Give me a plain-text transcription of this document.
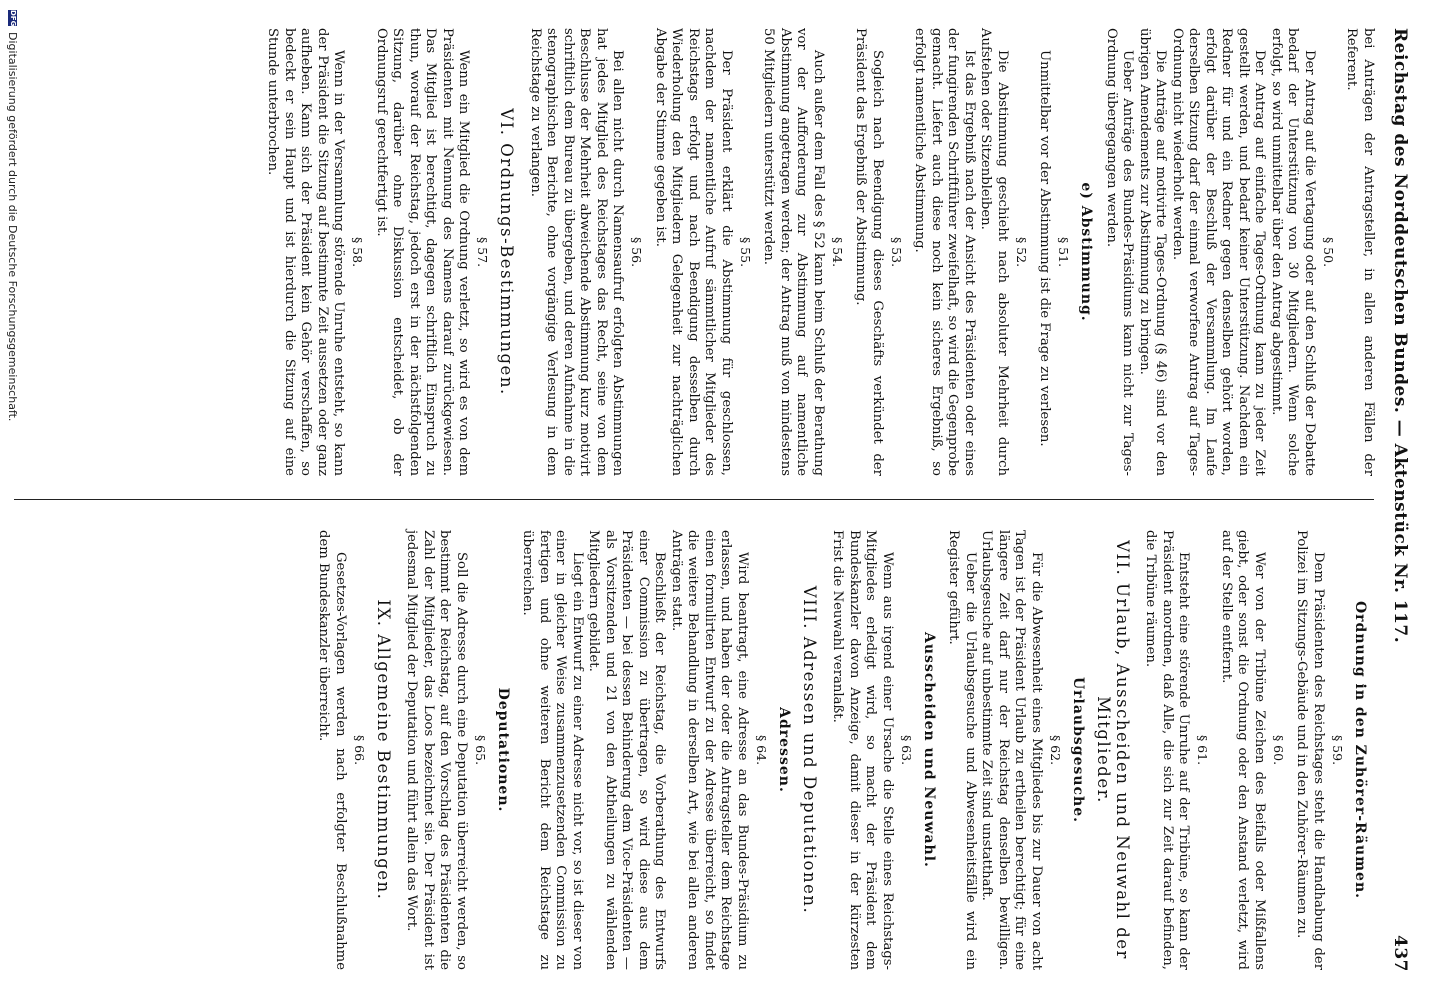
Reichstag des Norddeutschen Bundes. — Aktenstück Nr. 117.
437

bei Anträgen der Antragsteller, in allen anderen Fällen der Referent.

§ 50.

Der Antrag auf die Vertagung oder auf den Schluß der Debatte bedarf der Unterstützung von 30 Mitgliedern. Wenn solche erfolgt, so wird unmittelbar über den Antrag abgestimmt.

Der Antrag auf einfache Tages-Ordnung kann zu jeder Zeit gestellt werden, und bedarf keiner Unterstützung. Nachdem ein Redner für und ein Redner gegen denselben gehört worden, erfolgt darüber der Beschluß der Versammlung. Im Laufe derselben Sitzung darf der einmal verworfene Antrag auf Tages-Ordnung nicht wiederholt werden.

Die Anträge auf motivirte Tages-Ordnung (§ 46) sind vor den übrigen Amendements zur Abstimmung zu bringen.

Ueber Anträge des Bundes-Präsidiums kann nicht zur Tages-Ordnung übergegangen werden.

e) Abstimmung.
§ 51.

Unmittelbar vor der Abstimmung ist die Frage zu verlesen.

§ 52.

Die Abstimmung geschieht nach absoluter Mehrheit durch Aufstehen oder Sitzenbleiben.

Ist das Ergebniß nach der Ansicht des Präsidenten oder eines der fungirenden Schriftführer zweifelhaft, so wird die Gegenprobe gemacht. Liefert auch diese noch kein sicheres Ergebniß, so erfolgt namentliche Abstimmung.

§ 53.

Sogleich nach Beendigung dieses Geschäfts verkündet der Präsident das Ergebniß der Abstimmung.

§ 54.

Auch außer dem Fall des § 52 kann beim Schluß der Berathung vor der Aufforderung zur Abstimmung auf namentliche Abstimmung angetragen werden; der Antrag muß von mindestens 50 Mitgliedern unterstützt werden.

§ 55.

Der Präsident erklärt die Abstimmung für geschlossen, nachdem der namentliche Aufruf sämmtlicher Mitglieder des Reichstags erfolgt und nach Beendigung desselben durch Wiederholung den Mitgliedern Gelegenheit zur nachträglichen Abgabe der Stimme gegeben ist.

§ 56.

Bei allen nicht durch Namensaufruf erfolgten Abstimmungen hat jedes Mitglied des Reichstages das Recht, seine von dem Beschlusse der Mehrheit abweichende Abstimmung kurz motivirt schriftlich dem Bureau zu übergeben, und deren Aufnahme in die stenographischen Berichte, ohne vorgängige Verlesung in dem Reichstage zu verlangen.

VI. Ordnungs-Bestimmungen.
§ 57.

Wenn ein Mitglied die Ordnung verletzt, so wird es von dem Präsidenten mit Nennung des Namens darauf zurückgewiesen. Das Mitglied ist berechtigt, dagegen schriftlich Einspruch zu thun, worauf der Reichstag, jedoch erst in der nächstfolgenden Sitzung, darüber ohne Diskussion entscheidet, ob der Ordnungsruf gerechtfertigt ist.

§ 58.

Wenn in der Versammlung störende Unruhe entsteht, so kann der Präsident die Sitzung auf bestimmte Zeit aussetzen oder ganz aufheben. Kann sich der Präsident kein Gehör verschaffen, so bedeckt er sein Haupt und ist hierdurch die Sitzung auf eine Stunde unterbrochen.

Ordnung in den Zuhörer-Räumen.
§ 59.

Dem Präsidenten des Reichstages steht die Handhabung der Polizei im Sitzungs-Gebäude und in den Zuhörer-Räumen zu.

§ 60.

Wer von der Tribüne Zeichen des Beifalls oder Mißfallens giebt, oder sonst die Ordnung oder den Anstand verletzt, wird auf der Stelle entfernt.

§ 61.

Entsteht eine störende Unruhe auf der Tribüne, so kann der Präsident anordnen, daß Alle, die sich zur Zeit darauf befinden, die Tribüne räumen.

VII. Urlaub, Ausscheiden und Neuwahl der Mitglieder.
Urlaubsgesuche.
§ 62.

Für die Abwesenheit eines Mitgliedes bis zur Dauer von acht Tagen ist der Präsident Urlaub zu ertheilen berechtigt; für eine längere Zeit darf nur der Reichstag denselben bewilligen. Urlaubsgesuche auf unbestimmte Zeit sind unstatthaft.

Ueber die Urlaubsgesuche und Abwesenheitsfälle wird ein Register geführt.

Ausscheiden und Neuwahl.
§ 63.

Wenn aus irgend einer Ursache die Stelle eines Reichstags-Mitgliedes erledigt wird, so macht der Präsident dem Bundeskanzler davon Anzeige, damit dieser in der kürzesten Frist die Neuwahl veranlaßt.

VIII. Adressen und Deputationen.
Adressen.
§ 64.

Wird beantragt, eine Adresse an das Bundes-Präsidium zu erlassen, und haben der oder die Antragsteller dem Reichstage einen formulirten Entwurf zu der Adresse überreicht, so findet die weitere Behandlung in derselben Art, wie bei allen anderen Anträgen statt.

Beschließt der Reichstag, die Vorberathung des Entwurfs einer Commission zu übertragen, so wird diese aus dem Präsidenten — bei dessen Behinderung dem Vice-Präsidenten — als Vorsitzenden und 21 von den Abtheilungen zu wählenden Mitgliedern gebildet.

Liegt ein Entwurf zu einer Adresse nicht vor, so ist dieser von einer in gleicher Weise zusammenzusetzenden Commission zu fertigen und ohne weiteren Bericht dem Reichstage zu überreichen.

Deputationen.
§ 65.

Soll die Adresse durch eine Deputation überreicht werden, so bestimmt der Reichstag, auf den Vorschlag des Präsidenten die Zahl der Mitglieder, das Loos bezeichnet sie. Der Präsident ist jedesmal Mitglied der Deputation und führt allein das Wort.

IX. Allgemeine Bestimmungen.
§ 66.

Gesetzes-Vorlagen werden nach erfolgter Beschlußnahme dem Bundeskanzler überreicht.

DFG
Digitalisierung gefördert durch die Deutsche Forschungsgemeinschaft.
